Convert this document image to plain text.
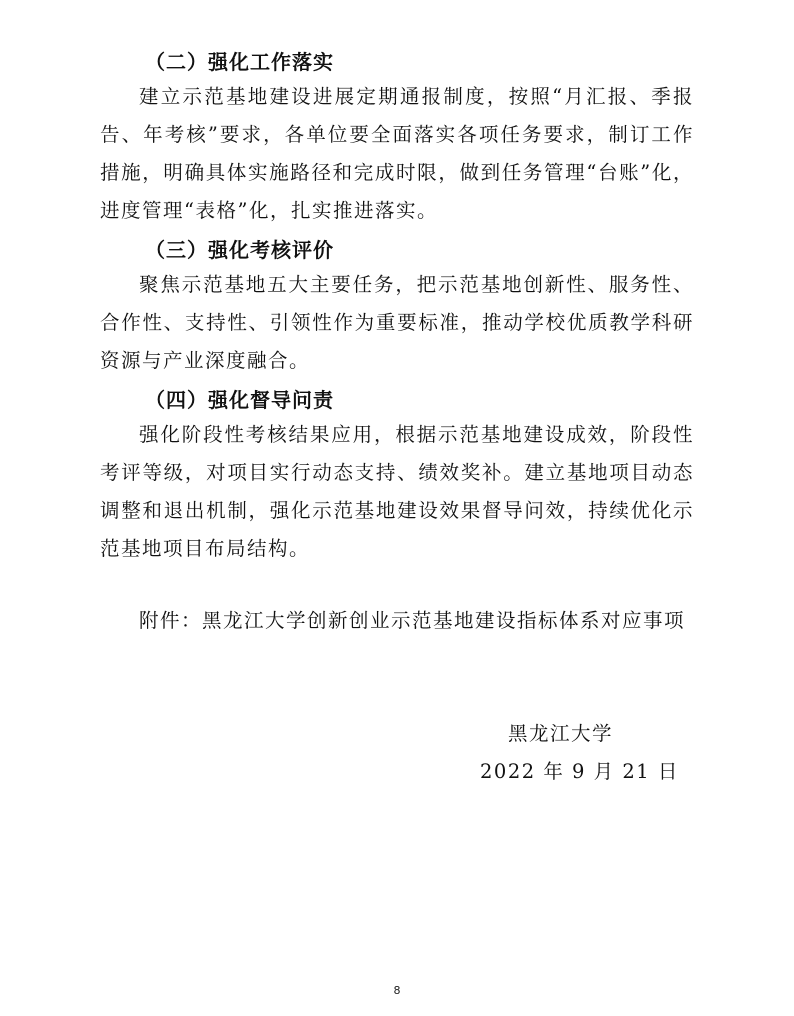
（二）强化工作落实

建立示范基地建设进展定期通报制度，按照“月汇报、季报告、年考核”要求，各单位要全面落实各项任务要求，制订工作措施，明确具体实施路径和完成时限，做到任务管理“台账”化，进度管理“表格”化，扎实推进落实。

（三）强化考核评价

聚焦示范基地五大主要任务，把示范基地创新性、服务性、合作性、支持性、引领性作为重要标准，推动学校优质教学科研资源与产业深度融合。

（四）强化督导问责

强化阶段性考核结果应用，根据示范基地建设成效，阶段性考评等级，对项目实行动态支持、绩效奖补。建立基地项目动态调整和退出机制，强化示范基地建设效果督导问效，持续优化示范基地项目布局结构。

附件：黑龙江大学创新创业示范基地建设指标体系对应事项

黑龙江大学
2022 年 9 月 21 日
8
